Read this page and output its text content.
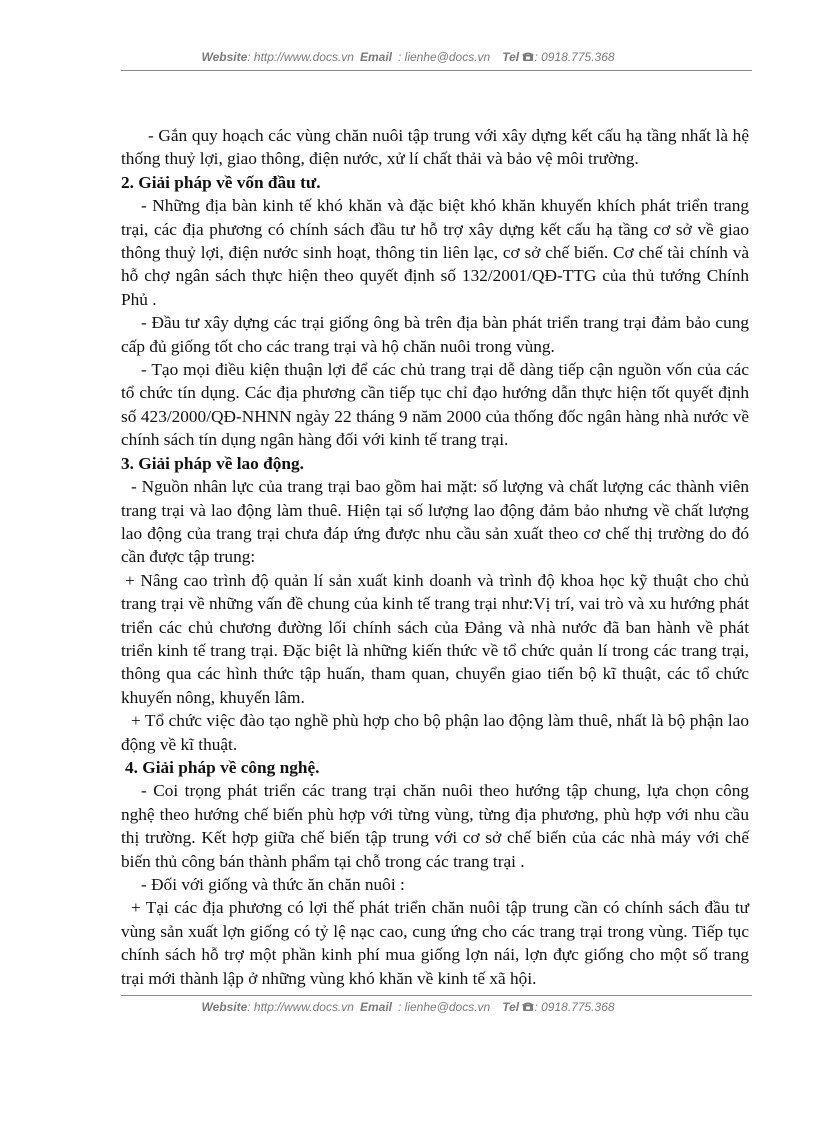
Website: http://www.docs.vn Email : lienhe@docs.vn Tel : 0918.775.368

- Gắn quy hoạch các vùng chăn nuôi tập trung với xây dựng kết cấu hạ tầng nhất là hệ thống thuỷ lợi, giao thông, điện nước, xử lí chất thải và bảo vệ môi trường.

2. Giải pháp về vốn đầu tư.

- Những địa bàn kinh tế khó khăn và đặc biệt khó khăn khuyến khích phát triển trang trại, các địa phương có chính sách đầu tư hỗ trợ xây dựng kết cấu hạ tầng cơ sở về giao thông thuỷ lợi, điện nước sinh hoạt, thông tin liên lạc, cơ sở chế biến. Cơ chế tài chính và hỗ chợ ngân sách thực hiện theo quyết định số 132/2001/QĐ-TTG của thủ tướng Chính Phủ .

- Đầu tư xây dựng các trại giống ông bà trên địa bàn phát triển trang trại đảm bảo cung cấp đủ giống tốt cho các trang trại và hộ chăn nuôi trong vùng.

- Tạo mọi điều kiện thuận lợi để các chủ trang trại dễ dàng tiếp cận nguồn vốn của các tổ chức tín dụng. Các địa phương cần tiếp tục chỉ đạo hướng dẫn thực hiện tốt quyết định số 423/2000/QĐ-NHNN ngày 22 tháng 9 năm 2000 của thống đốc ngân hàng nhà nước về chính sách tín dụng ngân hàng đối với kinh tế trang trại.

3. Giải pháp về lao động.

- Nguồn nhân lực của trang trại bao gồm hai mặt: số lượng và chất lượng các thành viên trang trại và lao động làm thuê. Hiện tại số lượng lao động đảm bảo nhưng về chất lượng lao động của trang trại chưa đáp ứng được nhu cầu sản xuất theo cơ chế thị trường do đó cần được tập trung:

+ Nâng cao trình độ quản lí sản xuất kinh doanh và trình độ khoa học kỹ thuật cho chủ trang trại về những vấn đề chung của kinh tế trang trại như:Vị trí, vai trò và xu hướng phát triển các chủ chương đường lối chính sách của Đảng và nhà nước đã ban hành về phát triển kinh tế trang trại. Đặc biệt là những kiến thức về tổ chức quản lí trong các trang trại, thông qua các hình thức tập huấn, tham quan, chuyển giao tiến bộ kĩ thuật, các tổ chức khuyến nông, khuyến lâm.

+ Tổ chức việc đào tạo nghề phù hợp cho bộ phận lao động làm thuê, nhất là bộ phận lao động về kĩ thuật.

4. Giải pháp về công nghệ.

- Coi trọng phát triển các trang trại chăn nuôi theo hướng tập chung, lựa chọn công nghệ theo hướng chế biến phù hợp với từng vùng, từng địa phương, phù hợp với nhu cầu thị trường. Kết hợp giữa chế biến tập trung với cơ sở chế biến của các nhà máy với chế biến thủ công bán thành phẩm tại chỗ trong các trang trại .

- Đối với giống và thức ăn chăn nuôi :

+ Tại các địa phương có lợi thế phát triển chăn nuôi tập trung cần có chính sách đầu tư vùng sản xuất lợn giống có tỷ lệ nạc cao, cung ứng cho các trang trại trong vùng. Tiếp tục chính sách hỗ trợ một phần kinh phí mua giống lợn nái, lợn đực giống cho một số trang trại mới thành lập ở những vùng khó khăn về kinh tế xã hội.

Website: http://www.docs.vn Email : lienhe@docs.vn Tel : 0918.775.368
